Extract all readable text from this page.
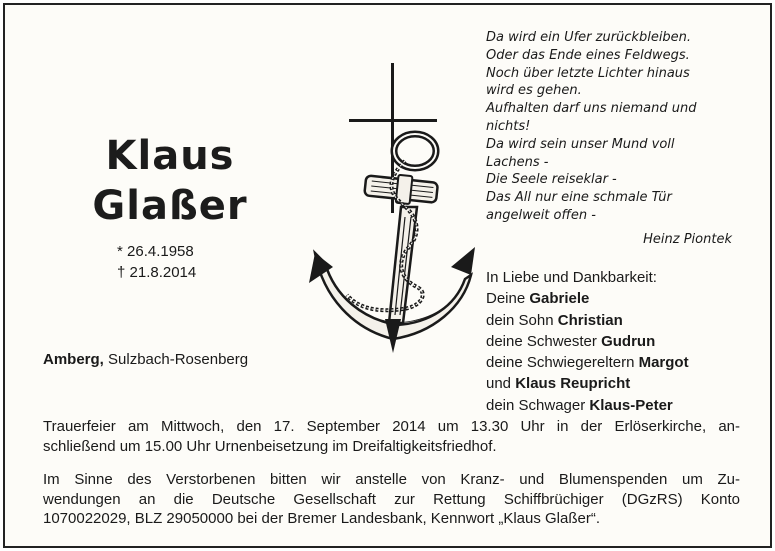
Klaus
Glaßer
* 26.4.1958
† 21.8.2014
Amberg, Sulzbach-Rosenberg
Da wird ein Ufer zurückbleiben.
Oder das Ende eines Feldwegs.
Noch über letzte Lichter hinaus
wird es gehen.
Aufhalten darf uns niemand und
nichts!
Da wird sein unser Mund voll
Lachens -
Die Seele reiseklar -
Das All nur eine schmale Tür
angelweit offen -
Heinz Piontek
In Liebe und Dankbarkeit:
Deine Gabriele
dein Sohn Christian
deine Schwester Gudrun
deine Schwiegereltern Margot
und Klaus Reupricht
dein Schwager Klaus-Peter
Trauerfeier am Mittwoch, den 17. September 2014 um 13.30 Uhr in der Erlöserkirche, an-
schließend um 15.00 Uhr Urnenbeisetzung im Dreifaltigkeitsfriedhof.
Im Sinne des Verstorbenen bitten wir anstelle von Kranz- und Blumenspenden um Zu-
wendungen an die Deutsche Gesellschaft zur Rettung Schiffbrüchiger (DGzRS) Konto
1070022029, BLZ 29050000 bei der Bremer Landesbank, Kennwort „Klaus Glaßer“.
